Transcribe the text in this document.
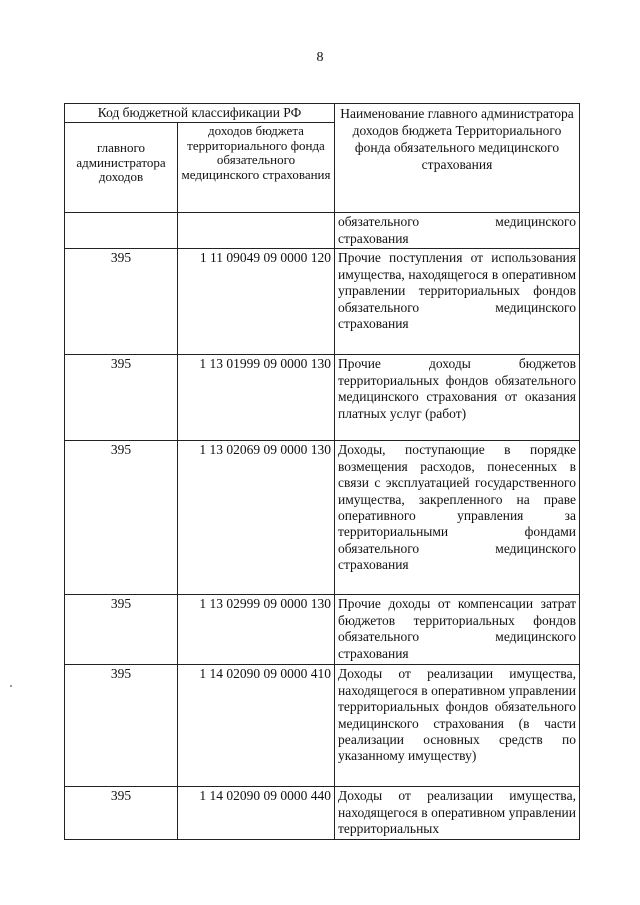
8
Код бюджетной классификации РФ		Наименование главного администратора доходов бюджета Территориального фонда обязательного медицинского страхования
главного администратора доходов	доходов бюджета территориального фонда обязательного медицинского страхования	
		обязательного медицинского страхования
395	1 11 09049 09 0000 120	Прочие поступления от использования имущества, находящегося в оперативном управлении территориальных фондов обязательного медицинского страхования
395	1 13 01999 09 0000 130	Прочие доходы бюджетов территориальных фондов обязательного медицинского страхования от оказания платных услуг (работ)
395	1 13 02069 09 0000 130	Доходы, поступающие в порядке возмещения расходов, понесенных в связи с эксплуатацией государственного имущества, закрепленного на праве оперативного управления за территориальными фондами обязательного медицинского страхования
395	1 13 02999 09 0000 130	Прочие доходы от компенсации затрат бюджетов территориальных фондов обязательного медицинского страхования
395	1 14 02090 09 0000 410	Доходы от реализации имущества, находящегося в оперативном управлении территориальных фондов обязательного медицинского страхования (в части реализации основных средств по указанному имуществу)
395	1 14 02090 09 0000 440	Доходы от реализации имущества, находящегося в оперативном управлении территориальных
